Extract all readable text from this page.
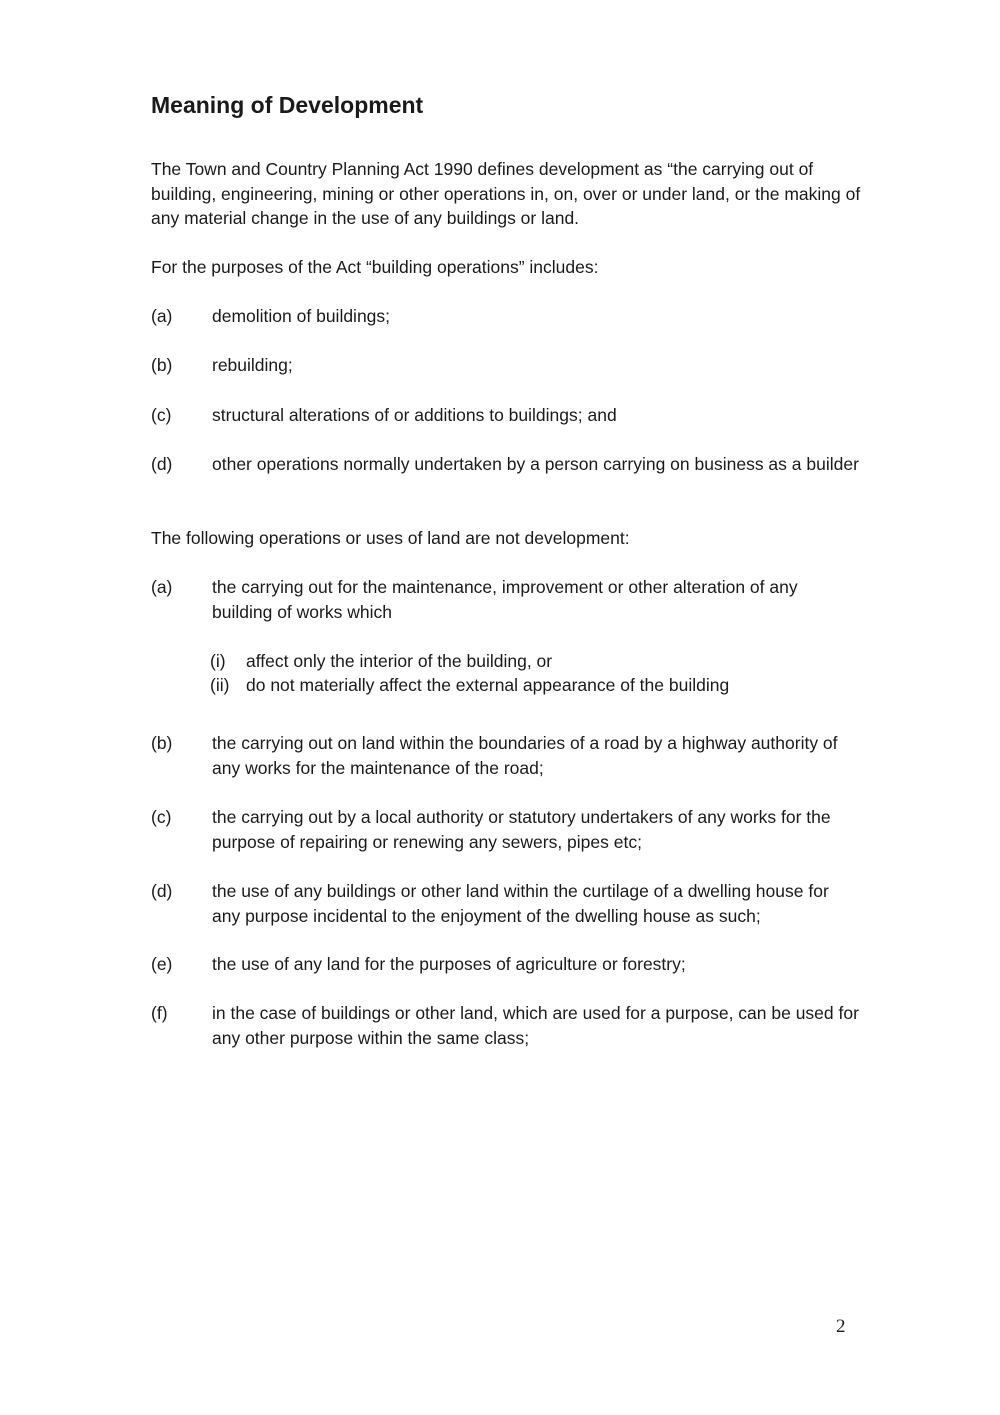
Meaning of Development

The Town and Country Planning Act 1990 defines development as “the carrying out of building, engineering, mining or other operations in, on, over or under land, or the making of any material change in the use of any buildings or land.

For the purposes of the Act “building operations” includes:

(a) demolition of buildings;
(b) rebuilding;
(c) structural alterations of or additions to buildings; and
(d) other operations normally undertaken by a person carrying on business as a builder

The following operations or uses of land are not development:

(a) the carrying out for the maintenance, improvement or other alteration of any building of works which
(i) affect only the interior of the building, or
(ii) do not materially affect the external appearance of the building
(b) the carrying out on land within the boundaries of a road by a highway authority of any works for the maintenance of the road;
(c) the carrying out by a local authority or statutory undertakers of any works for the purpose of repairing or renewing any sewers, pipes etc;
(d) the use of any buildings or other land within the curtilage of a dwelling house for any purpose incidental to the enjoyment of the dwelling house as such;
(e) the use of any land for the purposes of agriculture or forestry;
(f)	in the case of buildings or other land, which are used for a purpose, can be used for any other purpose within the same class;
2
